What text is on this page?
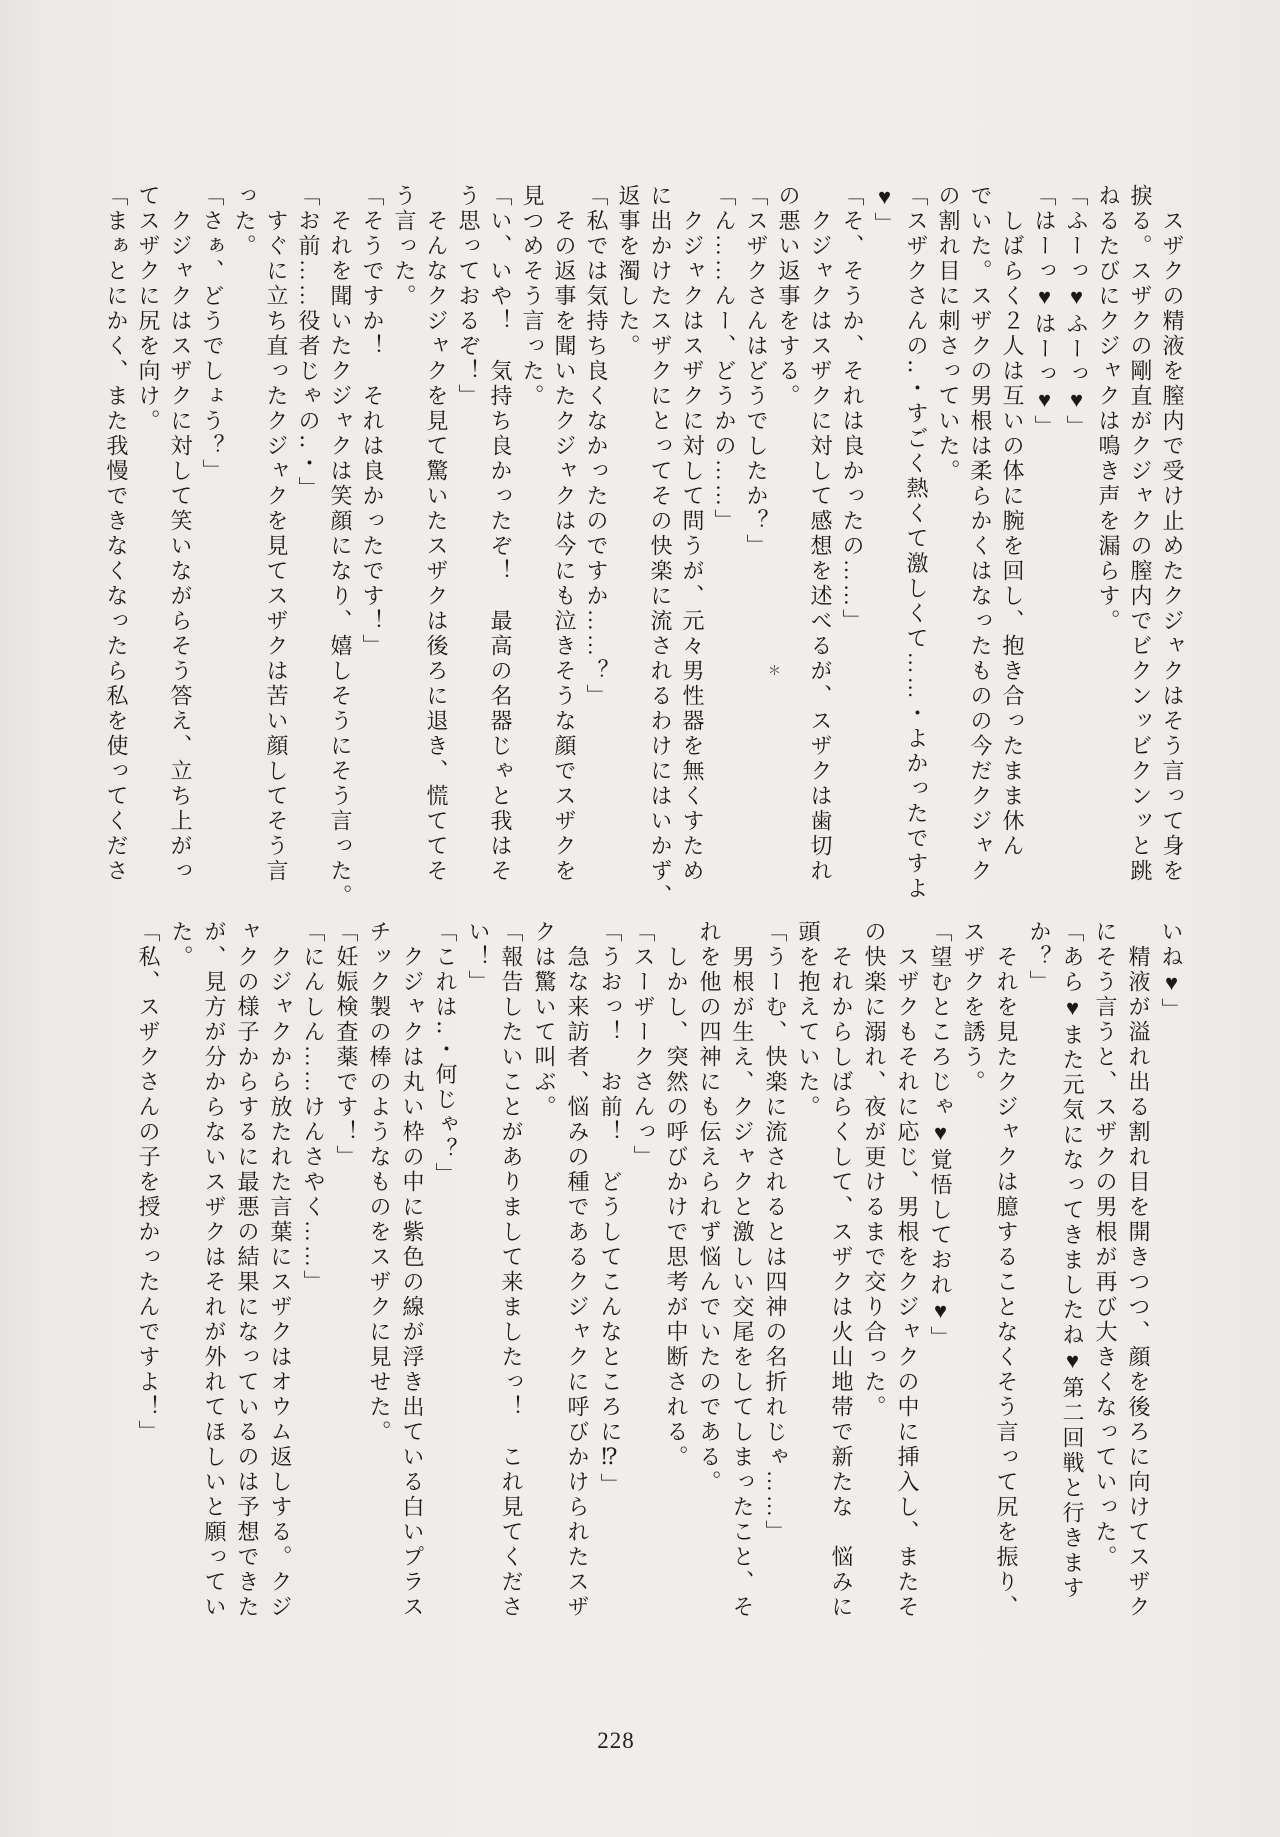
　スザクの精液を膣内で受け止めたクジャクはそう言って身を

捩る。スザクの剛直がクジャクの膣内でビクンッビクンッと跳

ねるたびにクジャクは鳴き声を漏らす。

「ふーっ♥ふーっ♥」

「はーっ♥はーっ♥」

　しばらく２人は互いの体に腕を回し、抱き合ったまま休ん

でいた。スザクの男根は柔らかくはなったものの今だクジャク

の割れ目に刺さっていた。

「スザクさんの‥・すごく熱くて激しくて……・よかったですよ

♥」

「そ、そうか、それは良かったの……」

　クジャクはスザクに対して感想を述べるが、スザクは歯切れ

の悪い返事をする。

「スザクさんはどうでしたか？」

「ん……んー、どうかの……」

　クジャクはスザクに対して問うが、元々男性器を無くすため

に出かけたスザクにとってその快楽に流されるわけにはいかず、

返事を濁した。

「私では気持ち良くなかったのですか……？」

　その返事を聞いたクジャクは今にも泣きそうな顔でスザクを

見つめそう言った。

「い、いや！　気持ち良かったぞ！　最高の名器じゃと我はそ

う思っておるぞ！」

　そんなクジャクを見て驚いたスザクは後ろに退き、慌ててそ

う言った。

「そうですか！　それは良かったです！」

　それを聞いたクジャクは笑顔になり、嬉しそうにそう言った。

「お前……役者じゃの‥・」

　すぐに立ち直ったクジャクを見てスザクは苦い顔してそう言

った。

「さぁ、どうでしょう？」

　クジャクはスザクに対して笑いながらそう答え、立ち上がっ

てスザクに尻を向け。

「まぁとにかく、また我慢できなくなったら私を使ってくださ	＊

いね♥」

　精液が溢れ出る割れ目を開きつつ、顔を後ろに向けてスザク

にそう言うと、スザクの男根が再び大きくなっていった。

「あら♥また元気になってきましたね♥第二回戦と行きます

か？」

　それを見たクジャクは臆することなくそう言って尻を振り、

スザクを誘う。

「望むところじゃ♥覚悟しておれ♥」

　スザクもそれに応じ、男根をクジャクの中に挿入し、またそ

の快楽に溺れ、夜が更けるまで交り合った。

　それからしばらくして、スザクは火山地帯で新たな　悩みに

頭を抱えていた。

「うーむ、快楽に流されるとは四神の名折れじゃ……」

　男根が生え、クジャクと激しい交尾をしてしまったこと、そ

れを他の四神にも伝えられず悩んでいたのである。

　しかし、突然の呼びかけで思考が中断される。

「スーザークさんっ」

「うおっ！　お前！　どうしてこんなところに⁉」

　急な来訪者、悩みの種であるクジャクに呼びかけられたスザ

クは驚いて叫ぶ。

「報告したいことがありまして来ましたっ！　これ見てくださ

い！」

「これは‥・何じゃ？」

　クジャクは丸い枠の中に紫色の線が浮き出ている白いプラス

チック製の棒のようなものをスザクに見せた。

「妊娠検査薬です！」

「にんしん……けんさやく……」

　クジャクから放たれた言葉にスザクはオウム返しする。クジ

ャクの様子からするに最悪の結果になっているのは予想できた

が、見方が分からないスザクはそれが外れてほしいと願ってい

た。

「私、スザクさんの子を授かったんですよ！」

228
